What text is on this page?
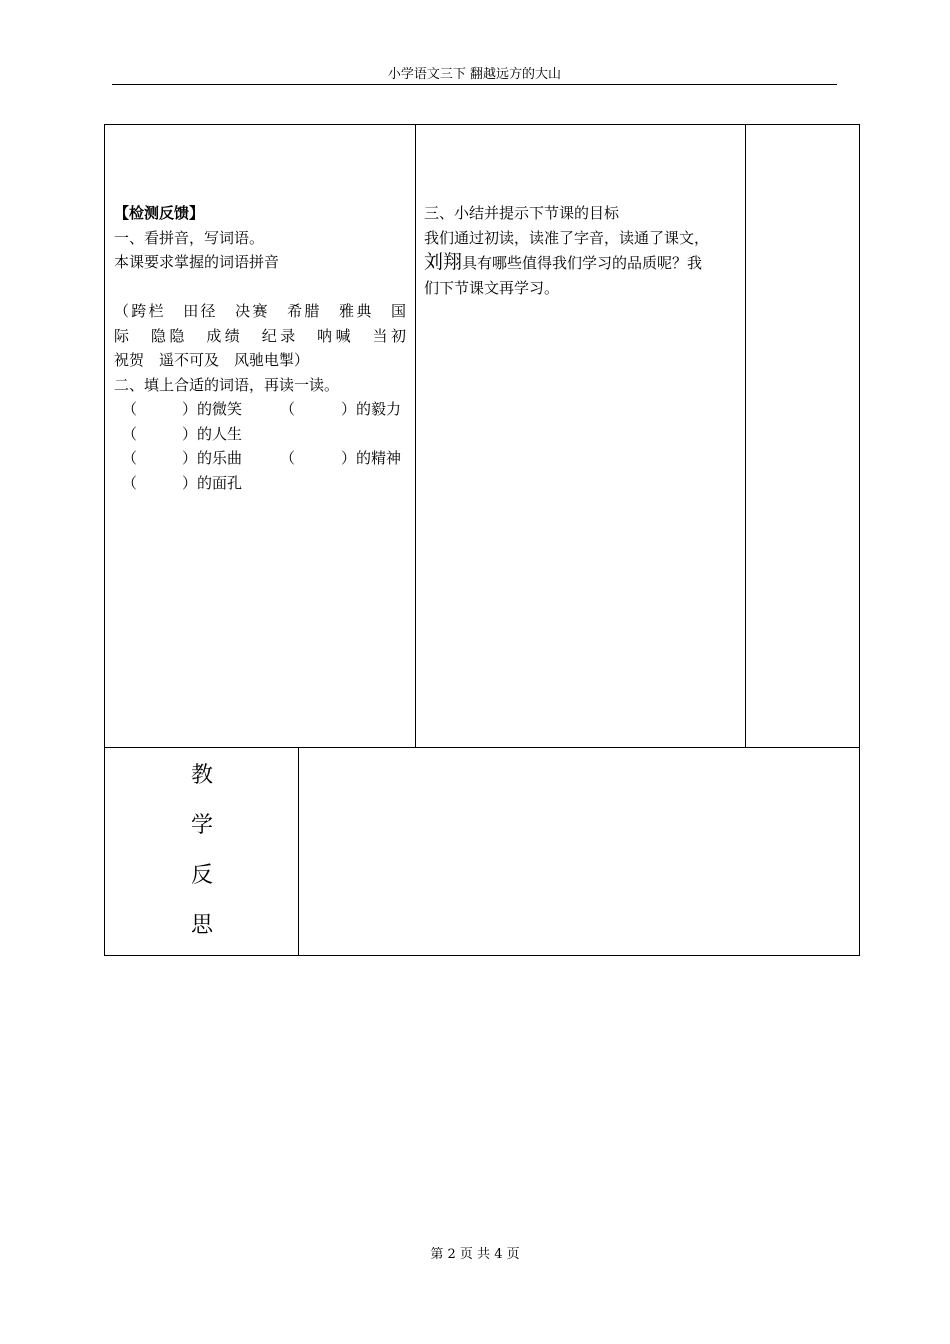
小学语文三下 翻越远方的大山
【检测反馈】
一、看拼音，写词语。
本课要求掌握的词语拼音
（跨栏　田径　决赛　希腊　雅典　国
际　隐隐　成绩　纪录　呐喊　当初
祝贺　遥不可及　风驰电掣）
二、填上合适的词语，再读一读。
（	） 的微笑	（	） 的毅力
（	） 的人生
（	） 的乐曲	（	） 的精神
（	） 的面孔
三、小结并提示下节课的目标
我们通过初读，读准了字音，读通了课文，
刘翔具有哪些值得我们学习的品质呢？我
们下节课文再学习。
教
学
反
思
第 2 页 共 4 页
